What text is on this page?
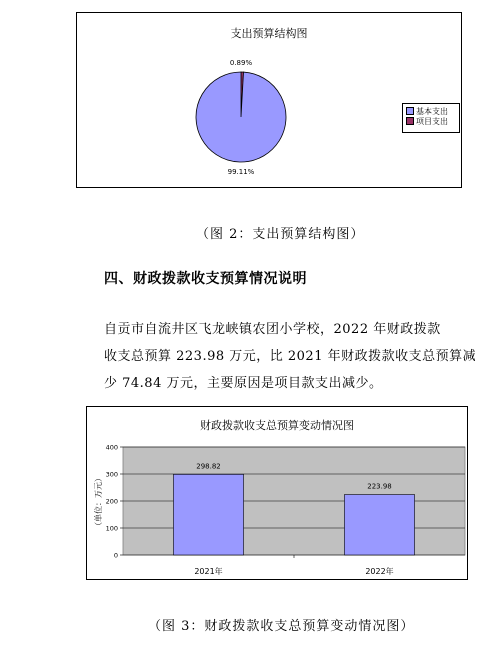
支出预算结构图
99.11%
0.89%
基本支出
项目支出
（图 2：支出预算结构图）
四、财政拨款收支预算情况说明
自贡市自流井区飞龙峡镇农团小学校，2022 年财政拨款
收支总预算 223.98 万元，比 2021 年财政拨款收支总预算减
少 74.84 万元，主要原因是项目款支出减少。
财政拨款收支总预算变动情况图
（单位：万元）
0
100
200
300
400
298.82
2021年
223.98
2022年
（图 3：财政拨款收支总预算变动情况图）
